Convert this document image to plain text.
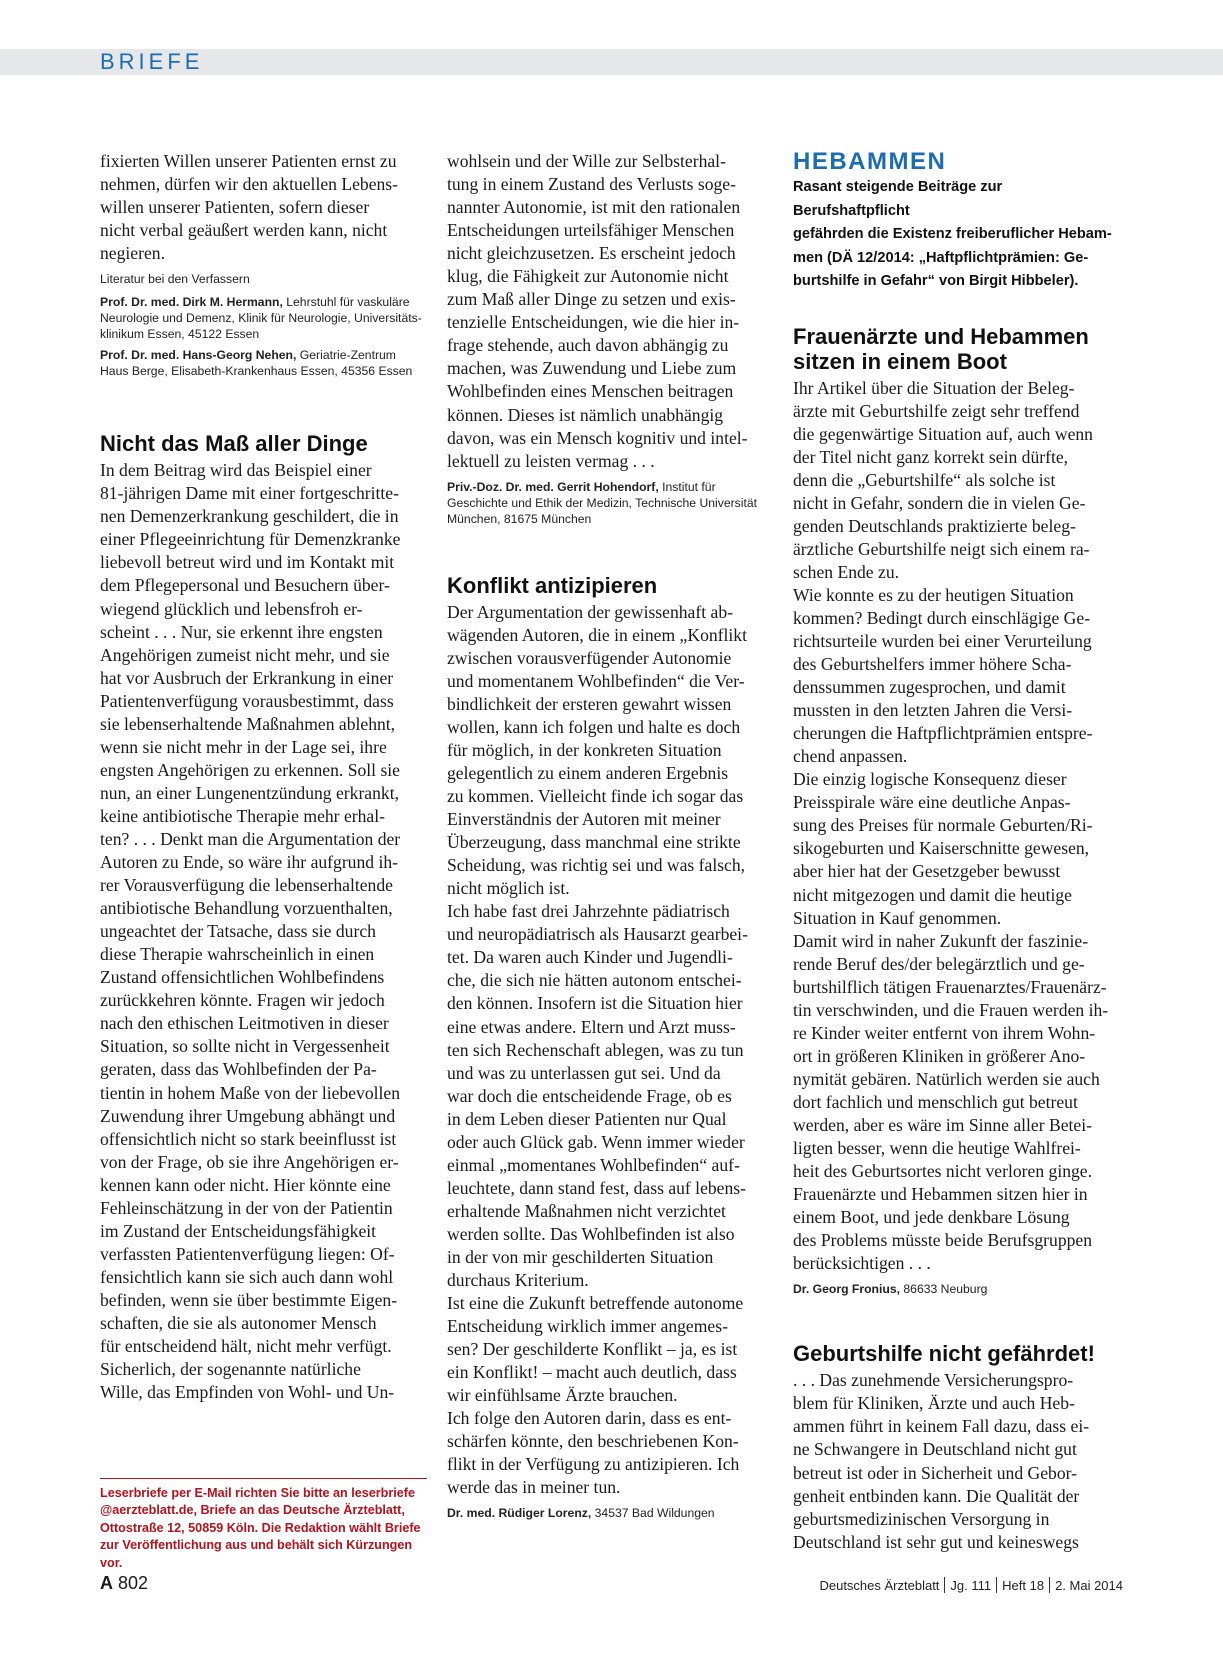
BRIEFE

fixierten Willen unserer Patienten ernst zu
nehmen, dürfen wir den aktuellen Lebens-
willen unserer Patienten, sofern dieser
nicht verbal geäußert werden kann, nicht
negieren.

Literatur bei den Verfassern

Prof. Dr. med. Dirk M. Hermann, Lehrstuhl für vaskuläre
Neurologie und Demenz, Klinik für Neurologie, Universitäts-
klinikum Essen, 45122 Essen

Prof. Dr. med. Hans-Georg Nehen, Geriatrie-Zentrum
Haus Berge, Elisabeth-Krankenhaus Essen, 45356 Essen

Nicht das Maß aller Dinge

In dem Beitrag wird das Beispiel einer
81-jährigen Dame mit einer fortgeschritte-
nen Demenzerkrankung geschildert, die in
einer Pflegeeinrichtung für Demenzkranke
liebevoll betreut wird und im Kontakt mit
dem Pflegepersonal und Besuchern über-
wiegend glücklich und lebensfroh er-
scheint . . . Nur, sie erkennt ihre engsten
Angehörigen zumeist nicht mehr, und sie
hat vor Ausbruch der Erkrankung in einer
Patientenverfügung vorausbestimmt, dass
sie lebenserhaltende Maßnahmen ablehnt,
wenn sie nicht mehr in der Lage sei, ihre
engsten Angehörigen zu erkennen. Soll sie
nun, an einer Lungenentzündung erkrankt,
keine antibiotische Therapie mehr erhal-
ten? . . . Denkt man die Argumentation der
Autoren zu Ende, so wäre ihr aufgrund ih-
rer Vorausverfügung die lebenserhaltende
antibiotische Behandlung vorzuenthalten,
ungeachtet der Tatsache, dass sie durch
diese Therapie wahrscheinlich in einen
Zustand offensichtlichen Wohlbefindens
zurückkehren könnte. Fragen wir jedoch
nach den ethischen Leitmotiven in dieser
Situation, so sollte nicht in Vergessenheit
geraten, dass das Wohlbefinden der Pa-
tientin in hohem Maße von der liebevollen
Zuwendung ihrer Umgebung abhängt und
offensichtlich nicht so stark beeinflusst ist
von der Frage, ob sie ihre Angehörigen er-
kennen kann oder nicht. Hier könnte eine
Fehleinschätzung in der von der Patientin
im Zustand der Entscheidungsfähigkeit
verfassten Patientenverfügung liegen: Of-
fensichtlich kann sie sich auch dann wohl
befinden, wenn sie über bestimmte Eigen-
schaften, die sie als autonomer Mensch
für entscheidend hält, nicht mehr verfügt.
Sicherlich, der sogenannte natürliche
Wille, das Empfinden von Wohl- und Un-

Leserbriefe per E-Mail richten Sie bitte an leserbriefe
@aerzteblatt.de, Briefe an das Deutsche Ärzteblatt,
Ottostraße 12, 50859 Köln. Die Redaktion wählt Briefe
zur Veröffentlichung aus und behält sich Kürzungen vor.

wohlsein und der Wille zur Selbsterhal-
tung in einem Zustand des Verlusts soge-
nannter Autonomie, ist mit den rationalen
Entscheidungen urteilsfähiger Menschen
nicht gleichzusetzen. Es erscheint jedoch
klug, die Fähigkeit zur Autonomie nicht
zum Maß aller Dinge zu setzen und exis-
tenzielle Entscheidungen, wie die hier in-
frage stehende, auch davon abhängig zu
machen, was Zuwendung und Liebe zum
Wohlbefinden eines Menschen beitragen
können. Dieses ist nämlich unabhängig
davon, was ein Mensch kognitiv und intel-
lektuell zu leisten vermag . . .

Priv.-Doz. Dr. med. Gerrit Hohendorf, Institut für
Geschichte und Ethik der Medizin, Technische Universität
München, 81675 München

Konflikt antizipieren

Der Argumentation der gewissenhaft ab-
wägenden Autoren, die in einem „Konflikt
zwischen vorausverfügender Autonomie
und momentanem Wohlbefinden“ die Ver-
bindlichkeit der ersteren gewahrt wissen
wollen, kann ich folgen und halte es doch
für möglich, in der konkreten Situation
gelegentlich zu einem anderen Ergebnis
zu kommen. Vielleicht finde ich sogar das
Einverständnis der Autoren mit meiner
Überzeugung, dass manchmal eine strikte
Scheidung, was richtig sei und was falsch,
nicht möglich ist.
Ich habe fast drei Jahrzehnte pädiatrisch
und neuropädiatrisch als Hausarzt gearbei-
tet. Da waren auch Kinder und Jugendli-
che, die sich nie hätten autonom entschei-
den können. Insofern ist die Situation hier
eine etwas andere. Eltern und Arzt muss-
ten sich Rechenschaft ablegen, was zu tun
und was zu unterlassen gut sei. Und da
war doch die entscheidende Frage, ob es
in dem Leben dieser Patienten nur Qual
oder auch Glück gab. Wenn immer wieder
einmal „momentanes Wohlbefinden“ auf-
leuchtete, dann stand fest, dass auf lebens-
erhaltende Maßnahmen nicht verzichtet
werden sollte. Das Wohlbefinden ist also
in der von mir geschilderten Situation
durchaus Kriterium.
Ist eine die Zukunft betreffende autonome
Entscheidung wirklich immer angemes-
sen? Der geschilderte Konflikt – ja, es ist
ein Konflikt! – macht auch deutlich, dass
wir einfühlsame Ärzte brauchen.
Ich folge den Autoren darin, dass es ent-
schärfen könnte, den beschriebenen Kon-
flikt in der Verfügung zu antizipieren. Ich
werde das in meiner tun.

Dr. med. Rüdiger Lorenz, 34537 Bad Wildungen

HEBAMMEN

Rasant steigende Beiträge zur Berufshaftpflicht
gefährden die Existenz freiberuflicher Hebam-
men (DÄ 12/2014: „Haftpflichtprämien: Ge-
burtshilfe in Gefahr“ von Birgit Hibbeler).

Frauenärzte und Hebammen
sitzen in einem Boot

Ihr Artikel über die Situation der Beleg-
ärzte mit Geburtshilfe zeigt sehr treffend
die gegenwärtige Situation auf, auch wenn
der Titel nicht ganz korrekt sein dürfte,
denn die „Geburtshilfe“ als solche ist
nicht in Gefahr, sondern die in vielen Ge-
genden Deutschlands praktizierte beleg-
ärztliche Geburtshilfe neigt sich einem ra-
schen Ende zu.
Wie konnte es zu der heutigen Situation
kommen? Bedingt durch einschlägige Ge-
richtsurteile wurden bei einer Verurteilung
des Geburtshelfers immer höhere Scha-
denssummen zugesprochen, und damit
mussten in den letzten Jahren die Versi-
cherungen die Haftpflichtprämien entspre-
chend anpassen.
Die einzig logische Konsequenz dieser
Preisspirale wäre eine deutliche Anpas-
sung des Preises für normale Geburten/Ri-
sikogeburten und Kaiserschnitte gewesen,
aber hier hat der Gesetzgeber bewusst
nicht mitgezogen und damit die heutige
Situation in Kauf genommen.
Damit wird in naher Zukunft der faszinie-
rende Beruf des/der belegärztlich und ge-
burtshilflich tätigen Frauenarztes/Frauenärz-
tin verschwinden, und die Frauen werden ih-
re Kinder weiter entfernt von ihrem Wohn-
ort in größeren Kliniken in größerer Ano-
nymität gebären. Natürlich werden sie auch
dort fachlich und menschlich gut betreut
werden, aber es wäre im Sinne aller Betei-
ligten besser, wenn die heutige Wahlfrei-
heit des Geburtsortes nicht verloren ginge.
Frauenärzte und Hebammen sitzen hier in
einem Boot, und jede denkbare Lösung
des Problems müsste beide Berufsgruppen
berücksichtigen . . .

Dr. Georg Fronius, 86633 Neuburg

Geburtshilfe nicht gefährdet!

. . . Das zunehmende Versicherungspro-
blem für Kliniken, Ärzte und auch Heb-
ammen führt in keinem Fall dazu, dass ei-
ne Schwangere in Deutschland nicht gut
betreut ist oder in Sicherheit und Gebor-
genheit entbinden kann. Die Qualität der
geburtsmedizinischen Versorgung in
Deutschland ist sehr gut und keineswegs

A 802	Deutsches Ärzteblatt Jg. 111 Heft 18 2. Mai 2014
